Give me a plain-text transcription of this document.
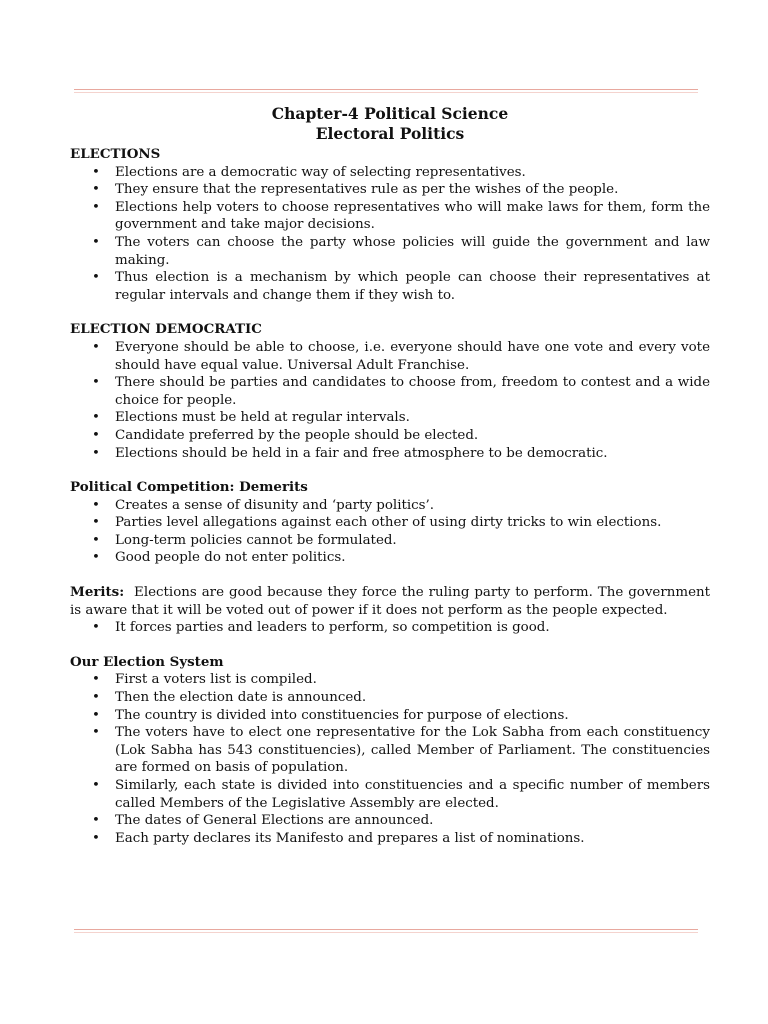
Chapter-4 Political Science
Electoral Politics

ELECTIONS

• Elections are a democratic way of selecting representatives.
• They ensure that the representatives rule as per the wishes of the people.
• Elections help voters to choose representatives who will make laws for them, form the government and take major decisions.
• The voters can choose the party whose policies will guide the government and law making.
• Thus election is a mechanism by which people can choose their representatives at regular intervals and change them if they wish to.

ELECTION DEMOCRATIC

• Everyone should be able to choose, i.e. everyone should have one vote and every vote should have equal value. Universal Adult Franchise.
• There should be parties and candidates to choose from, freedom to contest and a wide choice for people.
• Elections must be held at regular intervals.
• Candidate preferred by the people should be elected.
• Elections should be held in a fair and free atmosphere to be democratic.

Political Competition: Demerits

• Creates a sense of disunity and ‘party politics’.
• Parties level allegations against each other of using dirty tricks to win elections.
• Long-term policies cannot be formulated.
• Good people do not enter politics.

Merits: Elections are good because they force the ruling party to perform. The government is aware that it will be voted out of power if it does not perform as the people expected.

• It forces parties and leaders to perform, so competition is good.

Our Election System

• First a voters list is compiled.
• Then the election date is announced.
• The country is divided into constituencies for purpose of elections.
• The voters have to elect one representative for the Lok Sabha from each constituency (Lok Sabha has 543 constituencies), called Member of Parliament. The constituencies are formed on basis of population.
• Similarly, each state is divided into constituencies and a specific number of members called Members of the Legislative Assembly are elected.
• The dates of General Elections are announced.
• Each party declares its Manifesto and prepares a list of nominations.
